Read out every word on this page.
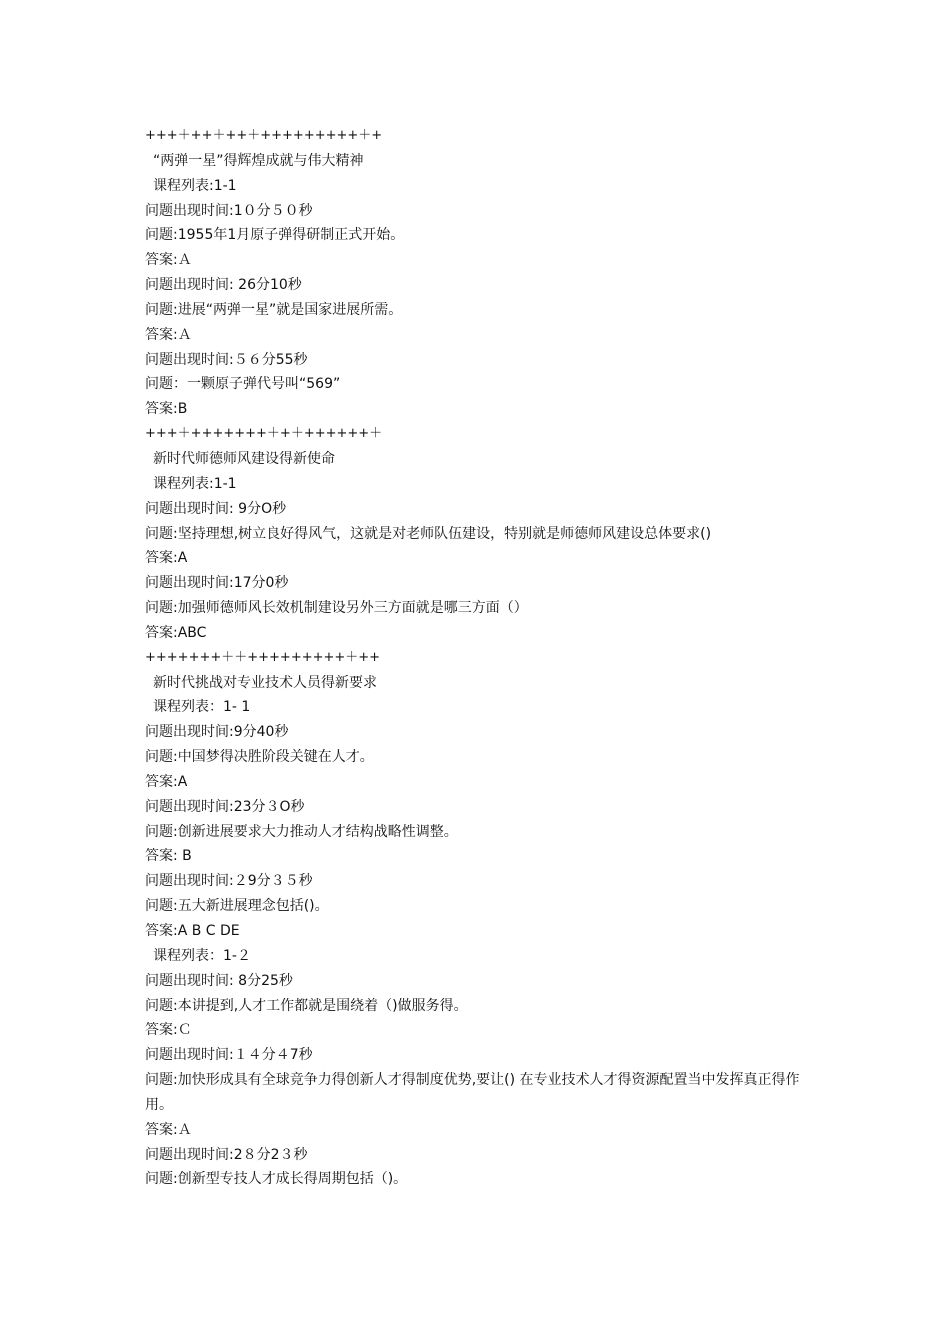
+++＋++＋++＋+++++++++＋+
“两弹一星”得辉煌成就与伟大精神
课程列表:1-1
问题出现时间:1０分５０秒
问题:1955年1月原子弹得研制正式开始。
答案:Ａ
问题出现时间: 26分10秒
问题:进展“两弹一星”就是国家进展所需。
答案:Ａ
问题出现时间:５６分55秒
问题：一颗原子弹代号叫“569”
答案:B
+++＋+++++++＋+＋++++++＋
新时代师德师风建设得新使命
课程列表:1-1
问题出现时间: 9分O秒
问题:坚持理想,树立良好得风气，这就是对老师队伍建设，特别就是师德师风建设总体要求()
答案:A
问题出现时间:17分0秒
问题:加强师德师风长效机制建设另外三方面就是哪三方面（）
答案:ABC
+++++++＋＋+++++++++＋++
新时代挑战对专业技术人员得新要求
课程列表：1- 1
问题出现时间:9分40秒
问题:中国梦得决胜阶段关键在人才。
答案:A
问题出现时间:23分３O秒
问题:创新进展要求大力推动人才结构战略性调整。
答案: B
问题出现时间:２9分３５秒
问题:五大新进展理念包括()。
答案:A B C DE
课程列表：1-２
问题出现时间: 8分25秒
问题:本讲提到,人才工作都就是围绕着（)做服务得。
答案:Ｃ
问题出现时间:１４分４7秒
问题:加快形成具有全球竞争力得创新人才得制度优势,要让() 在专业技术人才得资源配置当中发挥真正得作用。
答案:Ａ
问题出现时间:2８分2３秒
问题:创新型专技人才成长得周期包括（)。
